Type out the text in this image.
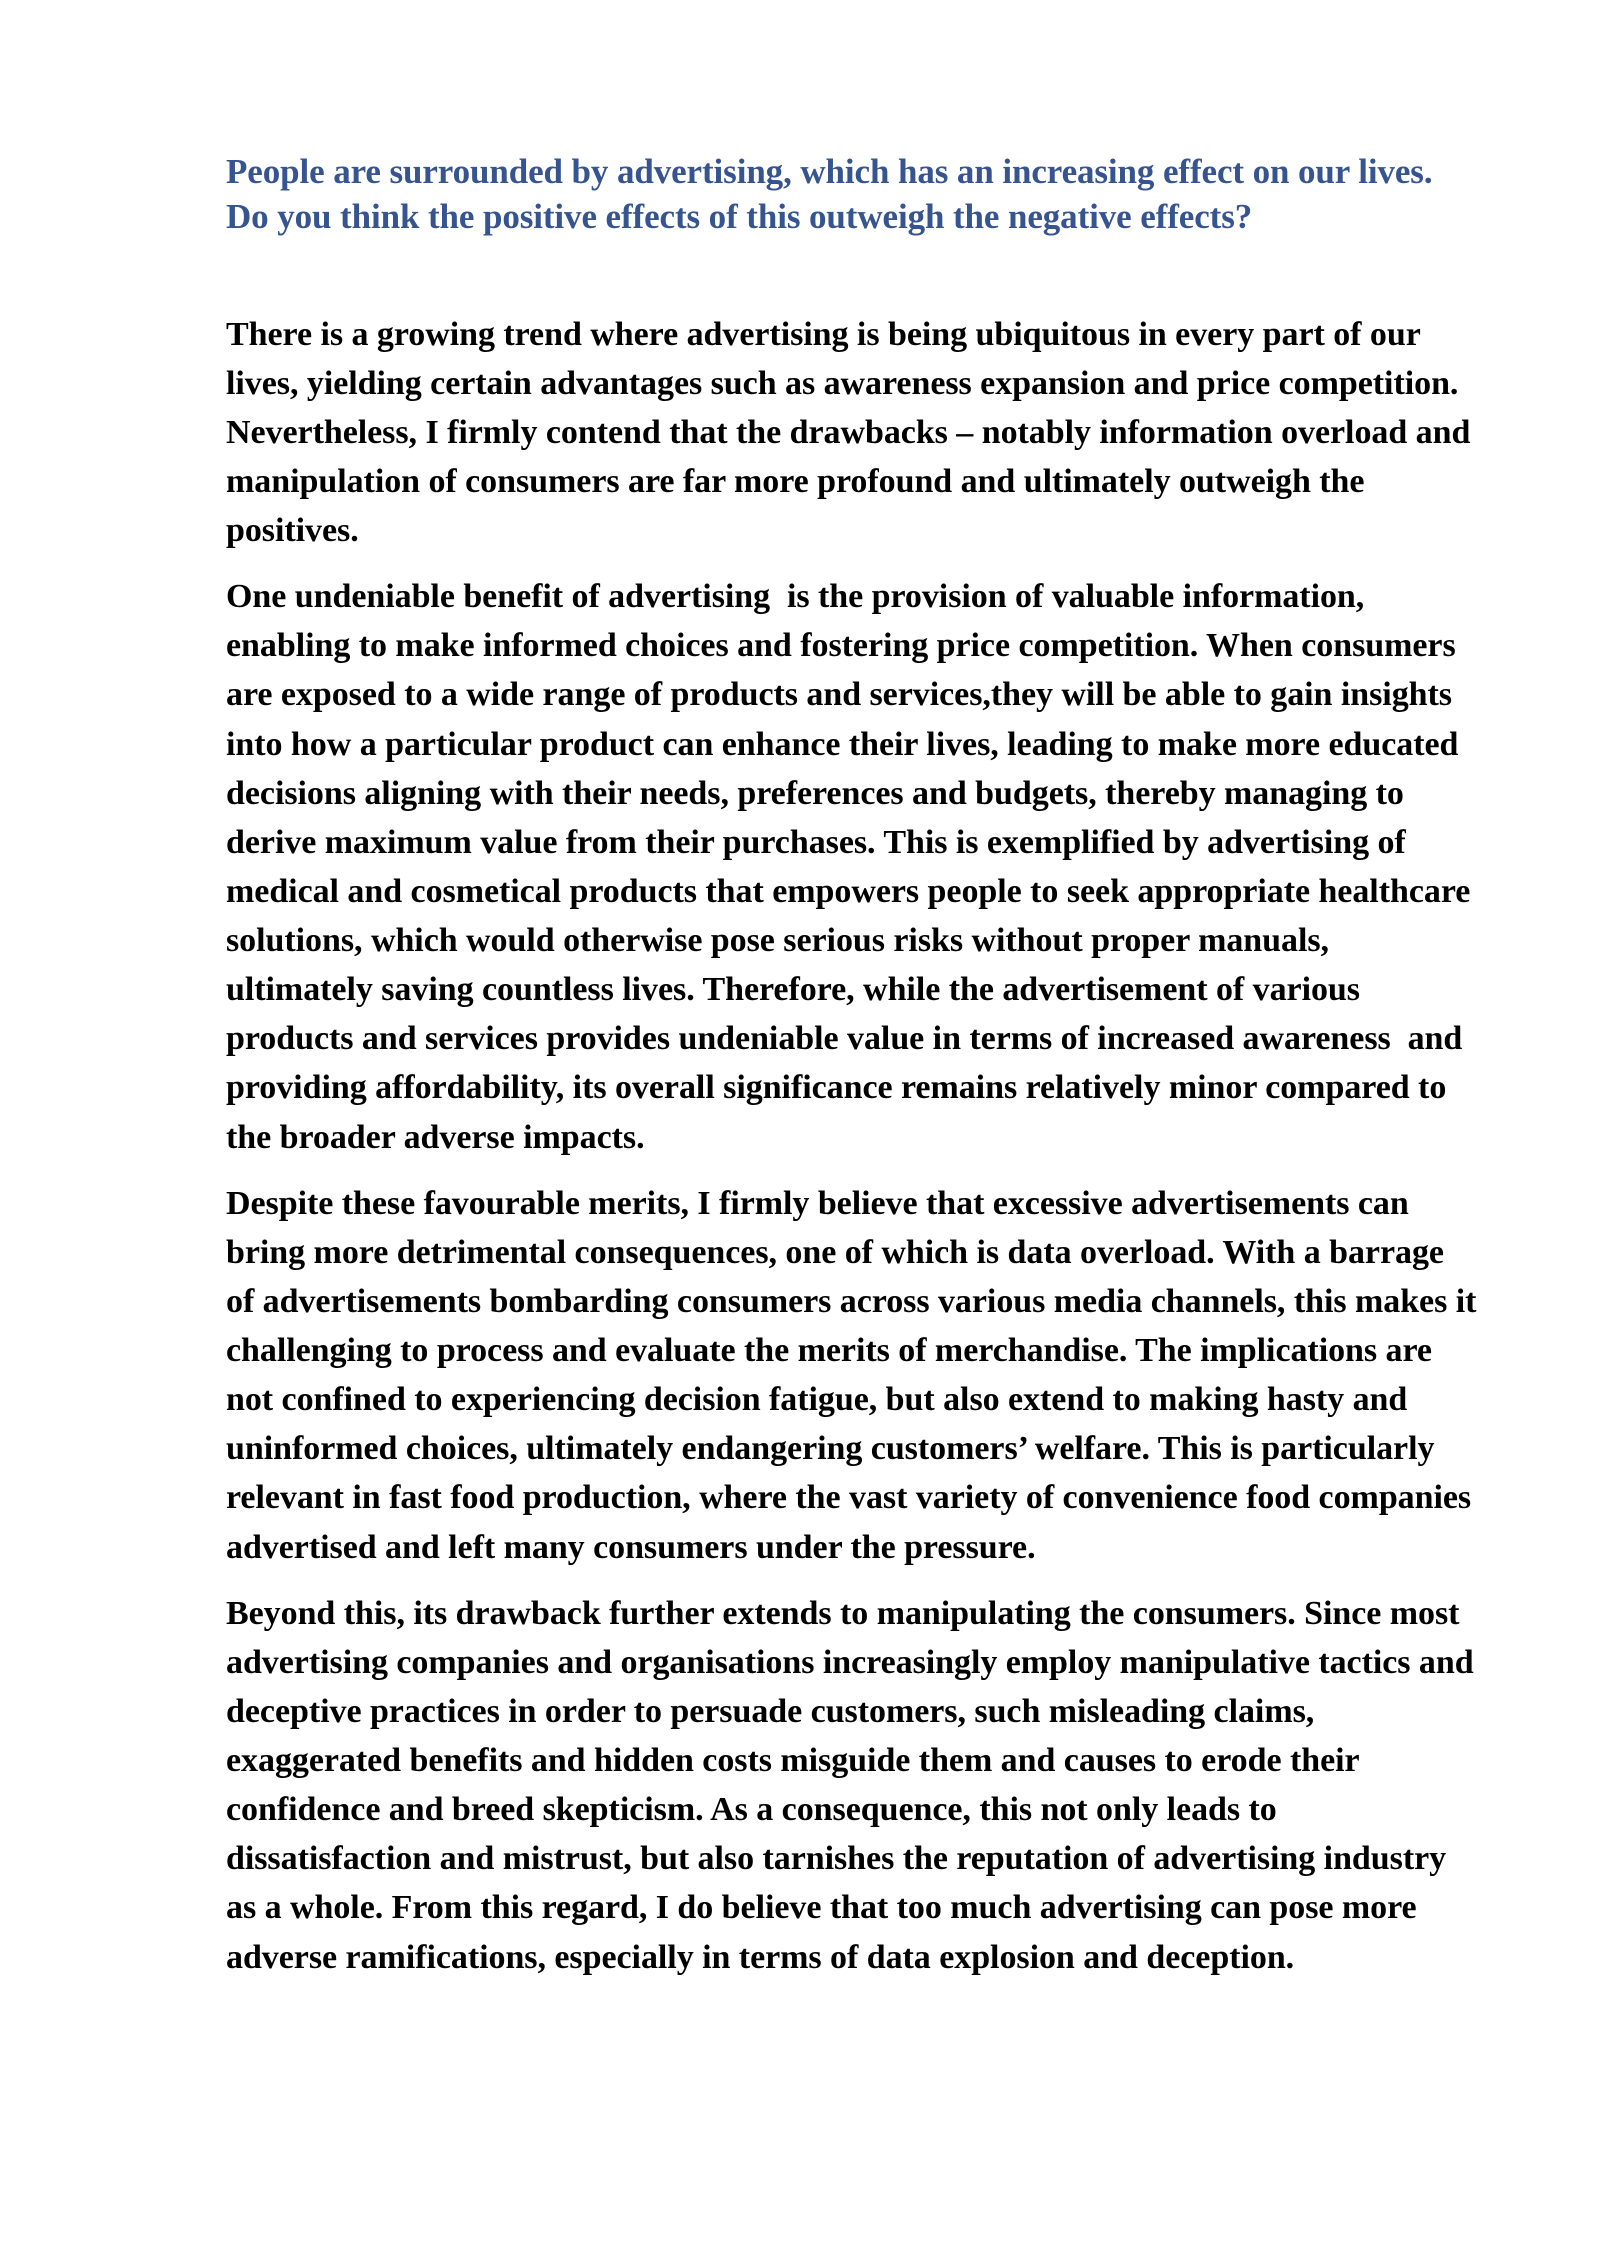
People are surrounded by advertising, which has an increasing effect on our lives. Do you think the positive effects of this outweigh the negative effects?

There is a growing trend where advertising is being ubiquitous in every part of our lives, yielding certain advantages such as awareness expansion and price competition. Nevertheless, I firmly contend that the drawbacks – notably information overload and manipulation of consumers are far more profound and ultimately outweigh the positives.

One undeniable benefit of advertising  is the provision of valuable information, enabling to make informed choices and fostering price competition. When consumers are exposed to a wide range of products and services,they will be able to gain insights into how a particular product can enhance their lives, leading to make more educated decisions aligning with their needs, preferences and budgets, thereby managing to derive maximum value from their purchases. This is exemplified by advertising of medical and cosmetical products that empowers people to seek appropriate healthcare solutions, which would otherwise pose serious risks without proper manuals, ultimately saving countless lives. Therefore, while the advertisement of various products and services provides undeniable value in terms of increased awareness  and providing affordability, its overall significance remains relatively minor compared to the broader adverse impacts.

Despite these favourable merits, I firmly believe that excessive advertisements can bring more detrimental consequences, one of which is data overload. With a barrage of advertisements bombarding consumers across various media channels, this makes it challenging to process and evaluate the merits of merchandise. The implications are not confined to experiencing decision fatigue, but also extend to making hasty and uninformed choices, ultimately endangering customers’ welfare. This is particularly relevant in fast food production, where the vast variety of convenience food companies advertised and left many consumers under the pressure.

Beyond this, its drawback further extends to manipulating the consumers. Since most advertising companies and organisations increasingly employ manipulative tactics and deceptive practices in order to persuade customers, such misleading claims, exaggerated benefits and hidden costs misguide them and causes to erode their confidence and breed skepticism. As a consequence, this not only leads to dissatisfaction and mistrust, but also tarnishes the reputation of advertising industry as a whole. From this regard, I do believe that too much advertising can pose more adverse ramifications, especially in terms of data explosion and deception.
